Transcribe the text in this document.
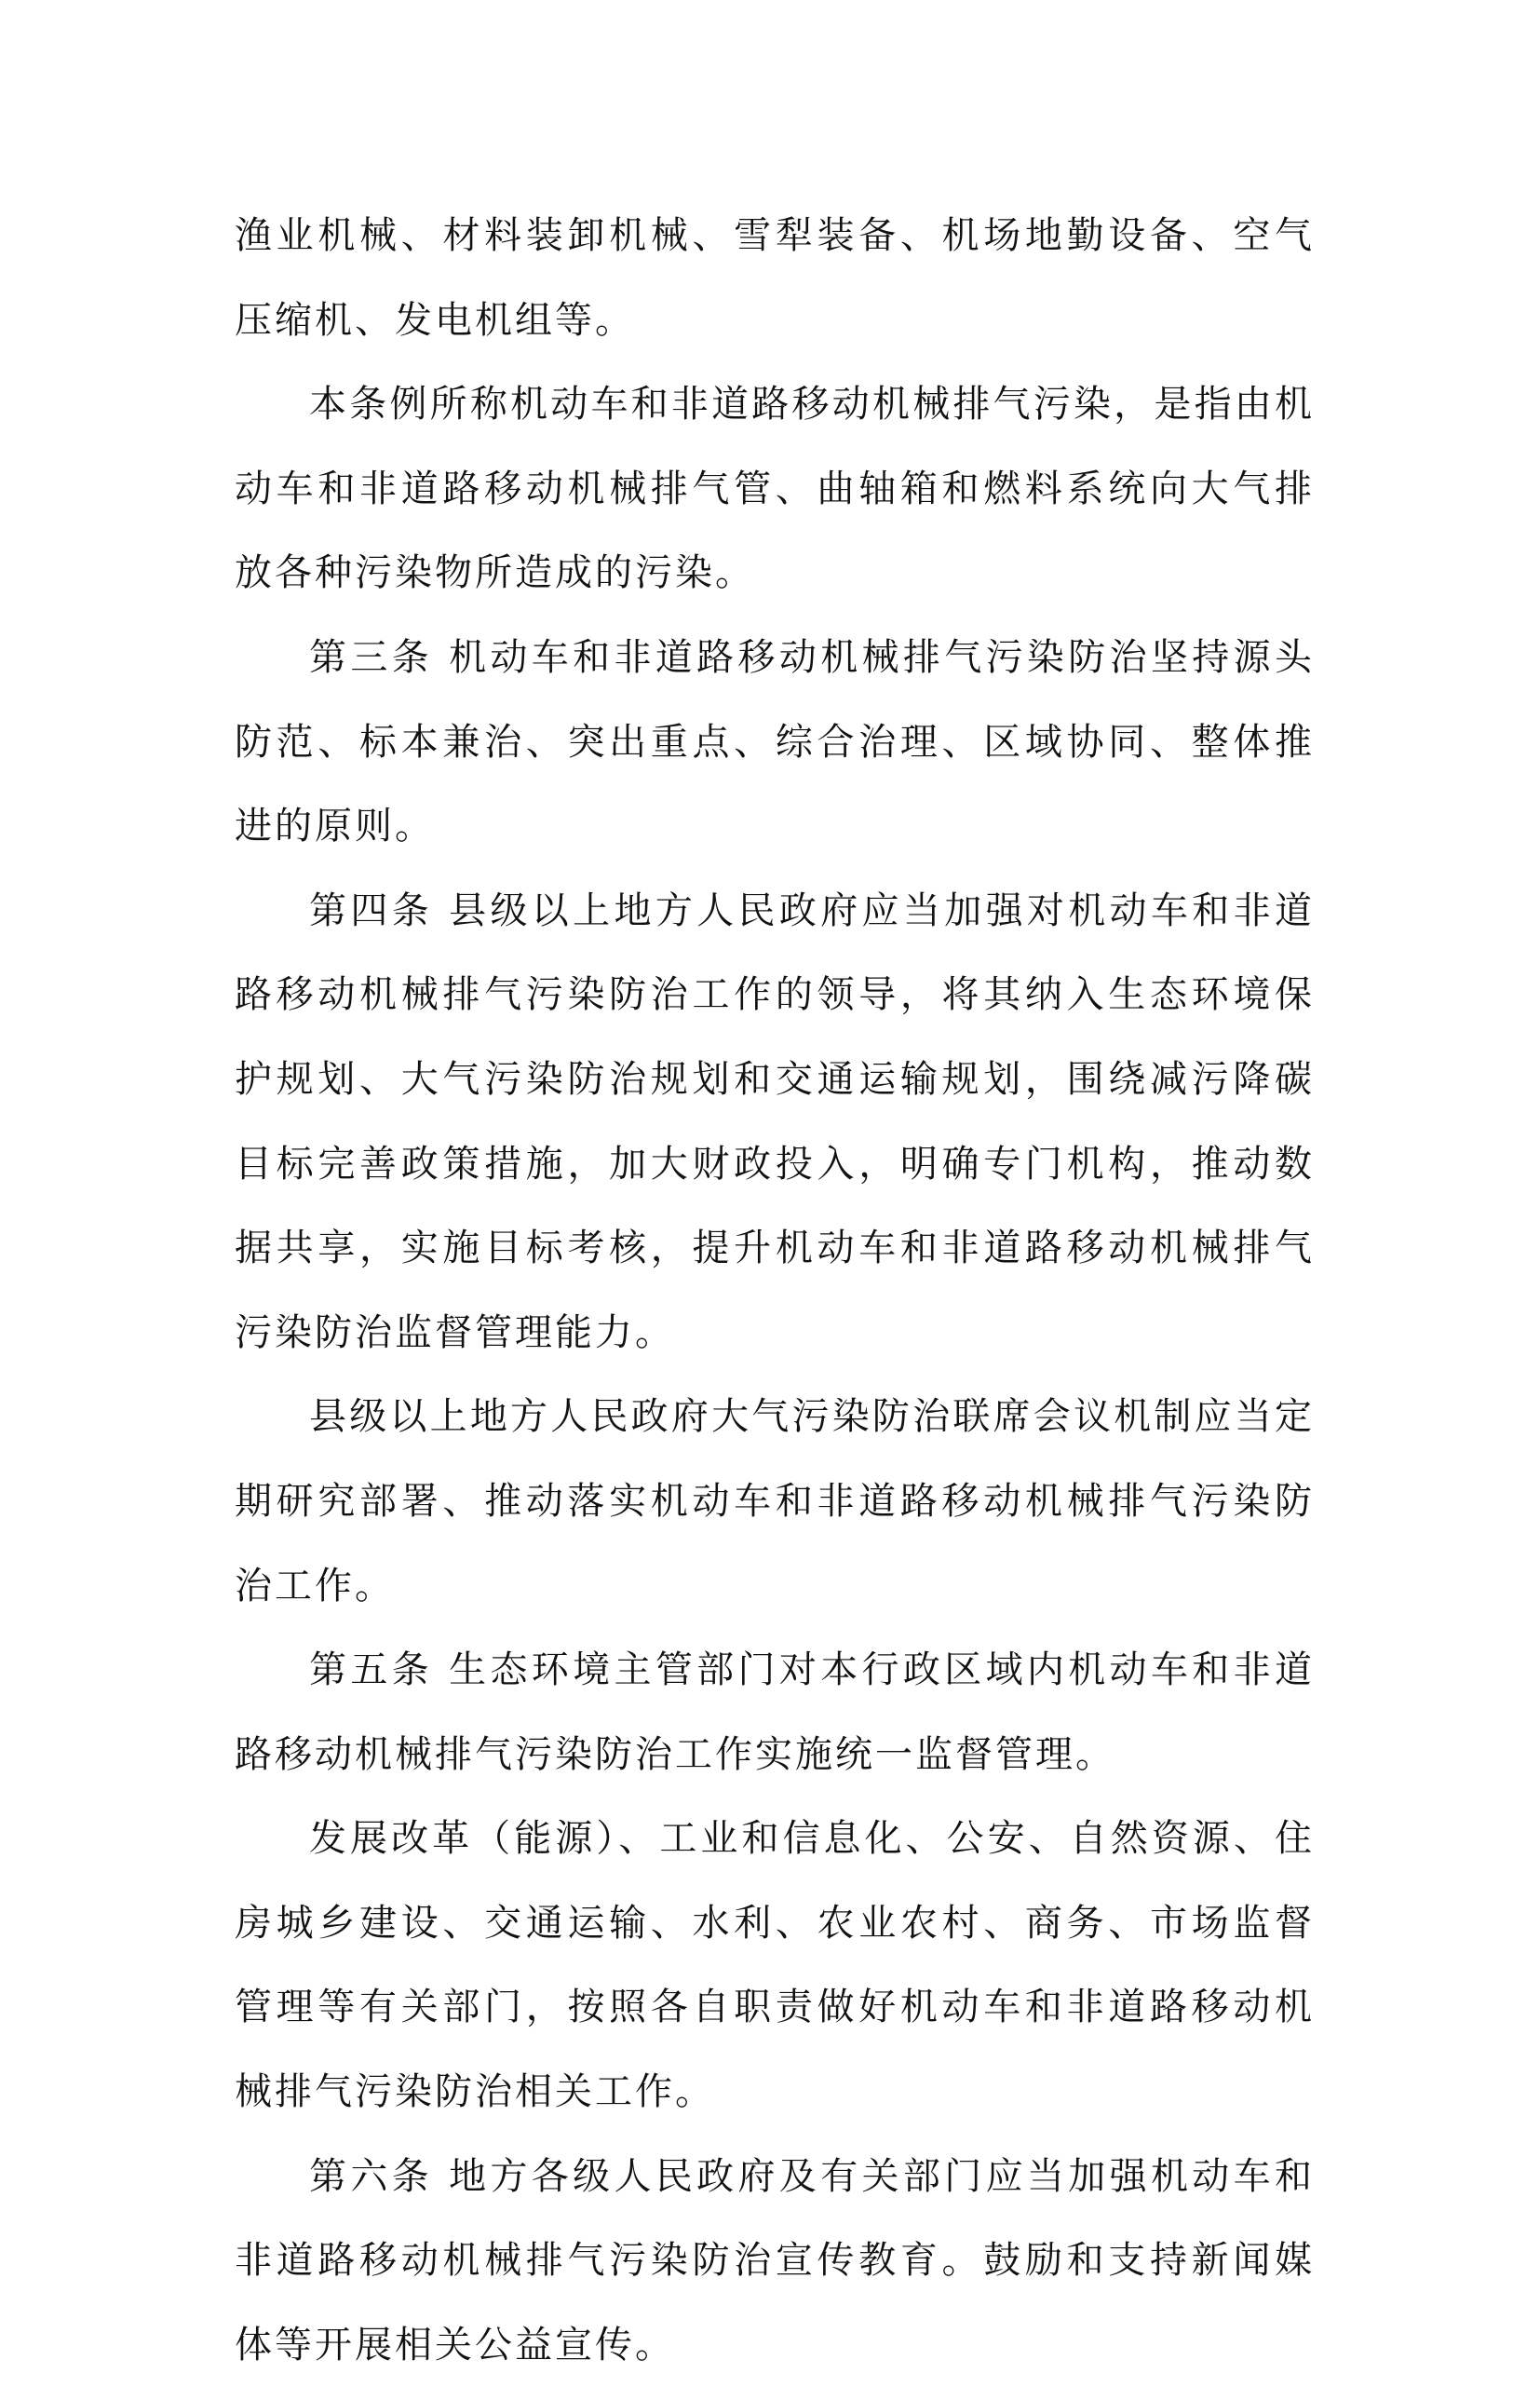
渔业机械、材料装卸机械、雪犁装备、机场地勤设备、空气压缩机、发电机组等。

本条例所称机动车和非道路移动机械排气污染，是指由机动车和非道路移动机械排气管、曲轴箱和燃料系统向大气排放各种污染物所造成的污染。

第三条 机动车和非道路移动机械排气污染防治坚持源头防范、标本兼治、突出重点、综合治理、区域协同、整体推进的原则。

第四条 县级以上地方人民政府应当加强对机动车和非道路移动机械排气污染防治工作的领导，将其纳入生态环境保护规划、大气污染防治规划和交通运输规划，围绕减污降碳目标完善政策措施，加大财政投入，明确专门机构，推动数据共享，实施目标考核，提升机动车和非道路移动机械排气污染防治监督管理能力。

县级以上地方人民政府大气污染防治联席会议机制应当定期研究部署、推动落实机动车和非道路移动机械排气污染防治工作。

第五条 生态环境主管部门对本行政区域内机动车和非道路移动机械排气污染防治工作实施统一监督管理。

发展改革（能源）、工业和信息化、公安、自然资源、住房城乡建设、交通运输、水利、农业农村、商务、市场监督管理等有关部门，按照各自职责做好机动车和非道路移动机械排气污染防治相关工作。

第六条 地方各级人民政府及有关部门应当加强机动车和非道路移动机械排气污染防治宣传教育。鼓励和支持新闻媒体等开展相关公益宣传。
